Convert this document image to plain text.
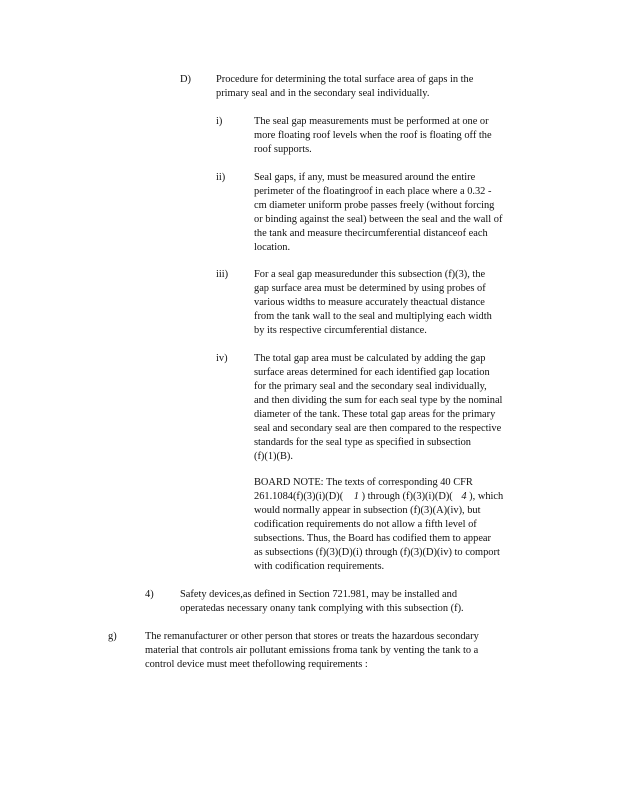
D) Procedure for determining the total surface area of gaps in the
primary seal and in the secondary seal individually.
i)	The seal gap measurements must be performed at one or
more floating roof levels when the roof is floating off the
roof supports.
ii)	Seal gaps, if any, must be measured around the entire
perimeter of the floatingroof in each place where a 0.32 -
cm diameter uniform probe passes freely (without forcing
or binding against the seal) between the seal and the wall of
the tank and measure thecircumferential distanceof each
location.
iii) For a seal gap measuredunder this subsection (f)(3), the
gap surface area must be determined by using probes of
various widths to measure accurately theactual distance
from the tank wall to the seal and multiplying each width
by its respective circumferential distance.
iv)	The total gap area must be calculated by adding the gap
surface areas determined for each identified gap location
for the primary seal and the secondary seal individually,
and then dividing the sum for each seal type by the nominal
diameter of the tank. These total gap areas for the primary
seal and secondary seal are then compared to the respective
standards for the seal type as specified in subsection
(f)(1)(B).
BOARD NOTE: The texts of corresponding 40 CFR
261.1084(f)(3)(i)(D)( 1 ) through (f)(3)(i)(D)( 4 ), which
would normally appear in subsection (f)(3)(A)(iv), but
codification requirements do not allow a fifth level of
subsections. Thus, the Board has codified them to appear
as subsections (f)(3)(D)(i) through (f)(3)(D)(iv) to comport
with codification requirements.
4)	Safety devices,as defined in Section 721.981, may be installed and
operatedas necessary onany tank complying with this subsection (f).
g)	The remanufacturer or other person that stores or treats the hazardous secondary
material that controls air pollutant emissions froma tank by venting the tank to a
control device must meet thefollowing requirements :
